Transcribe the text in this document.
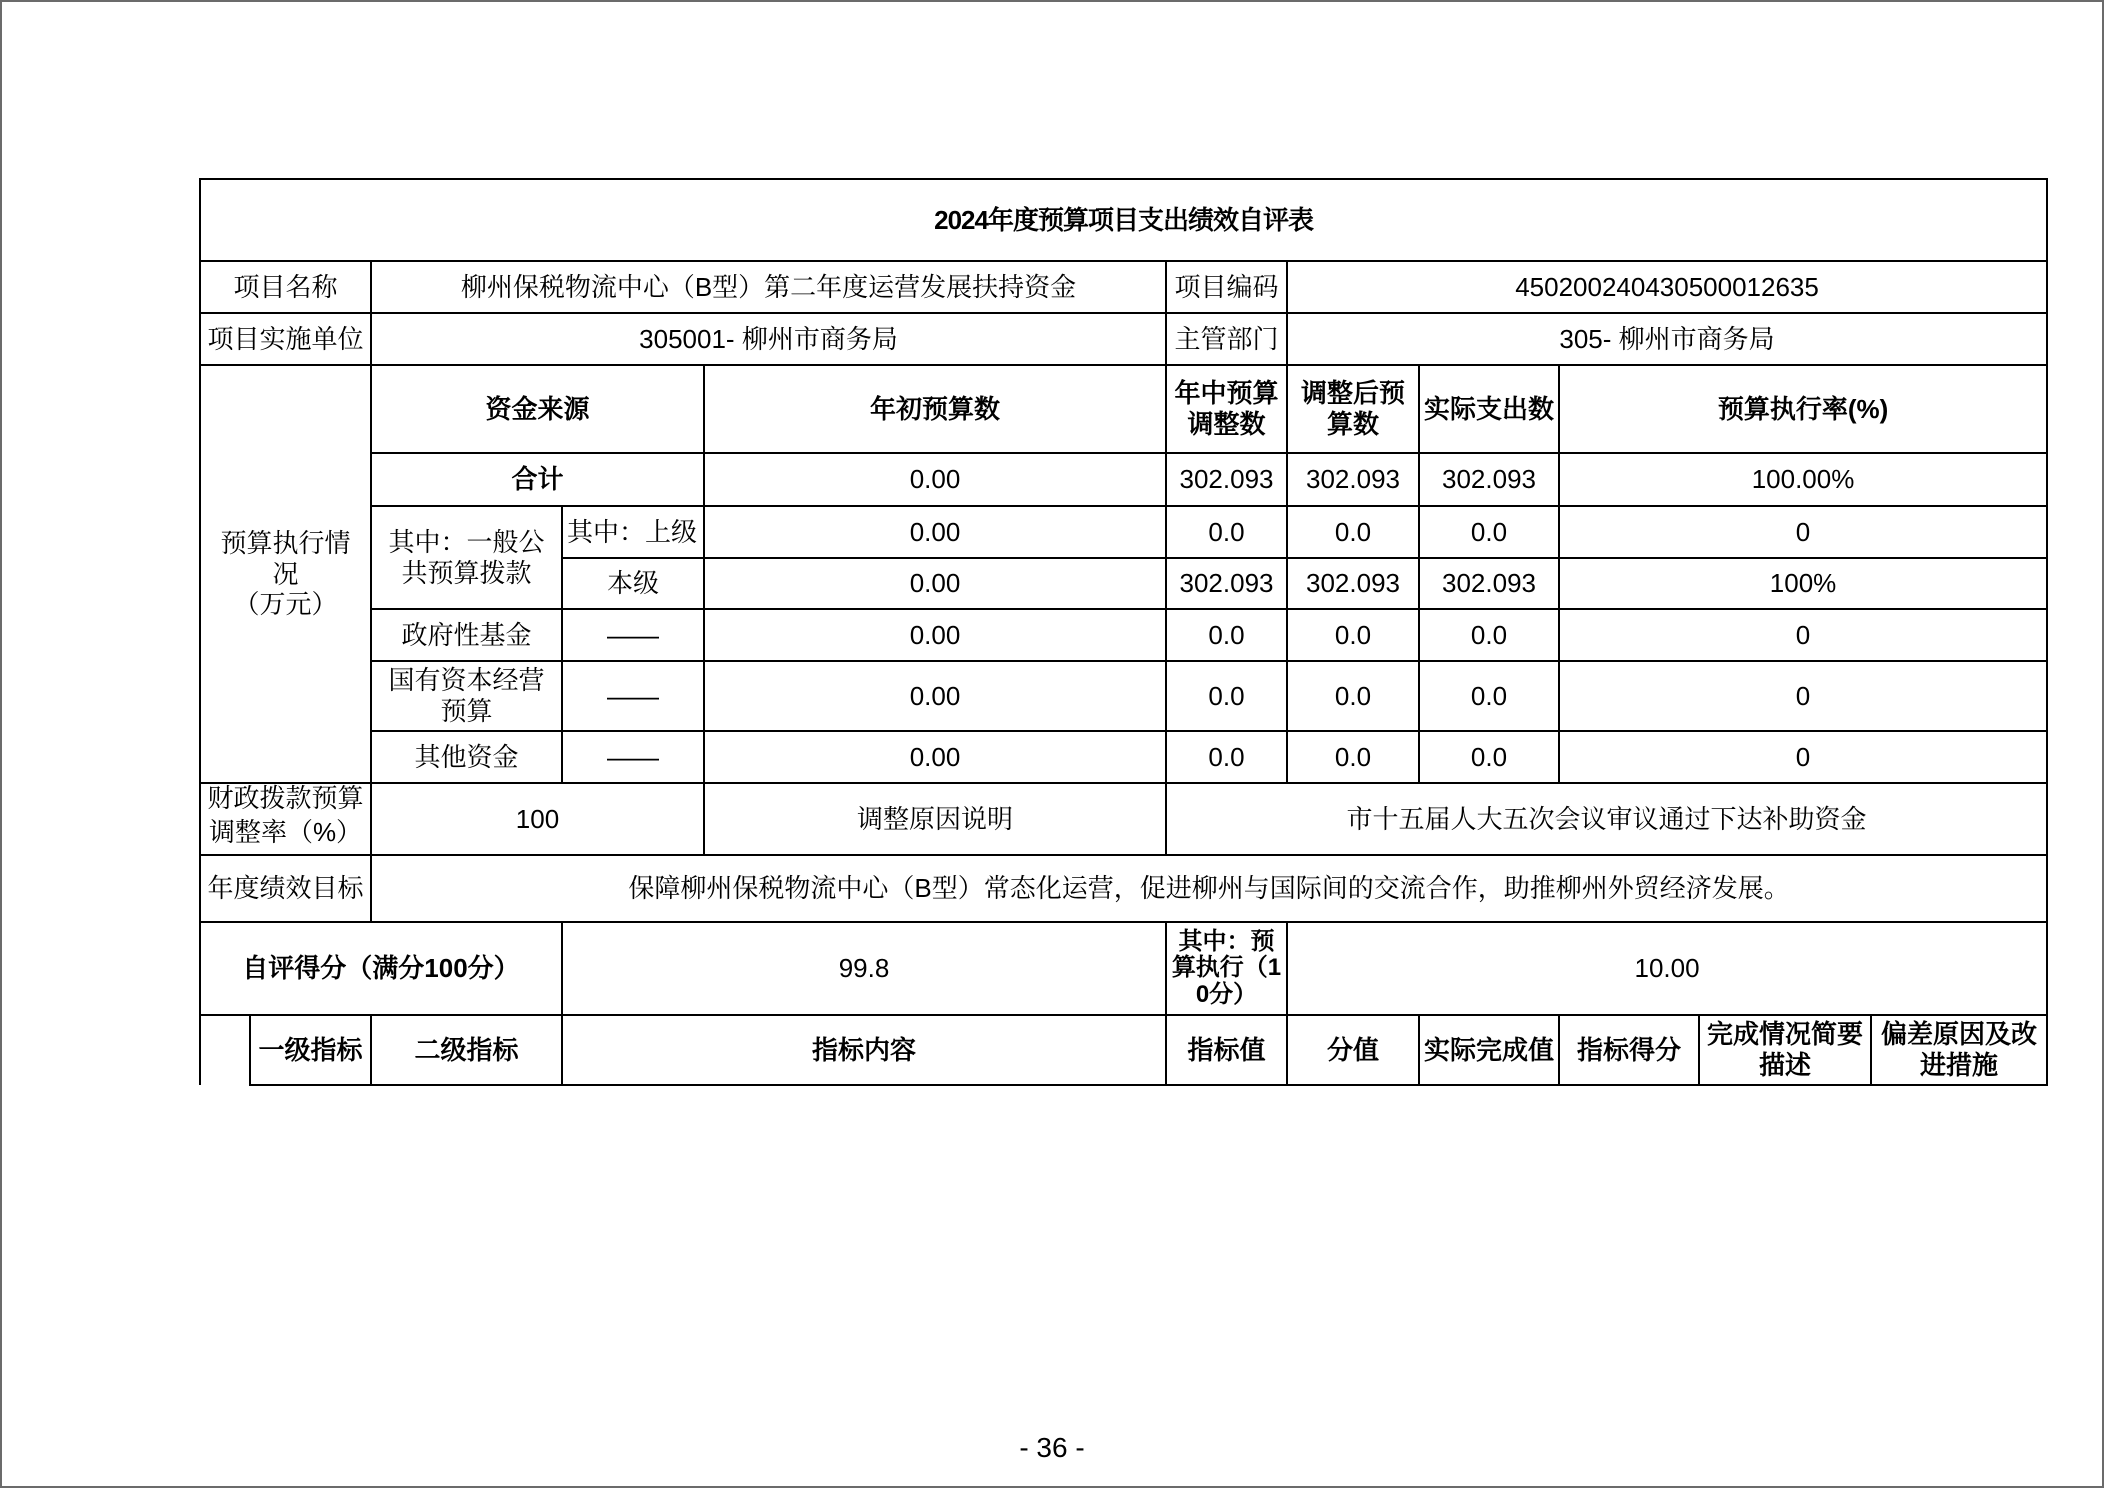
2024年度预算项目支出绩效自评表										
项目名称		柳州保税物流中心（B型）第二年度运营发展扶持资金			项目编码	450200240430500012635				
项目实施单位		305001- 柳州市商务局			主管部门	305- 柳州市商务局				
预算执行情
况
（万元）		资金来源		年初预算数	年中预算调整数	调整后预算数	实际支出数	预算执行率(%)		
		合计		0.00	302.093	302.093	302.093	100.00%		
		其中：一般公共预算拨款	其中：上级	0.00	0.0	0.0	0.0	0		
			本级	0.00	302.093	302.093	302.093	100%		
		政府性基金	——	0.00	0.0	0.0	0.0	0		
		国有资本经营预算	——	0.00	0.0	0.0	0.0	0		
		其他资金	——	0.00	0.0	0.0	0.0	0		

财政拨款预算调整率（%）		100		调整原因说明	市十五届人大五次会议审议通过下达补助资金					
年度绩效目标		保障柳州保税物流中心（B型）常态化运营，促进柳州与国际间的交流合作，助推柳州外贸经济发展。								
自评得分（满分100分）			99.8		其中：预算执行（10分）	10.00				
	一级指标	二级指标	指标内容		指标值	分值	实际完成值	指标得分	完成情况简要描述	偏差原因及改进措施
- 36 -
